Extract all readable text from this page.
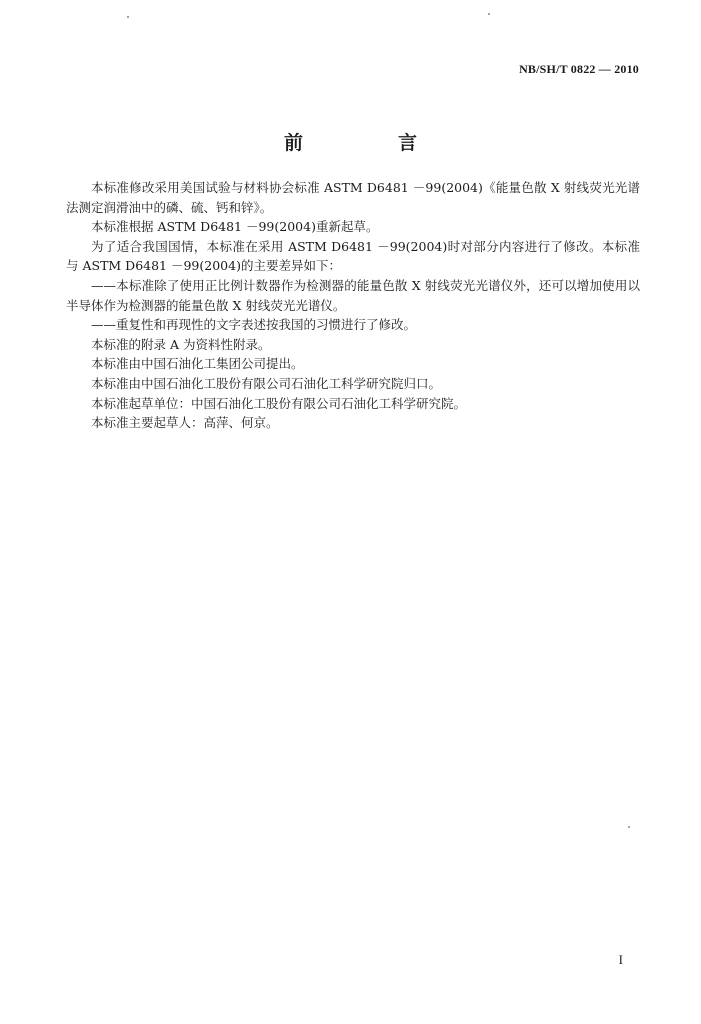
NB/SH/T 0822 — 2010
前　言

本标准修改采用美国试验与材料协会标准 ASTM D6481 －99(2004)《能量色散 X 射线荧光光谱法测定润滑油中的磷、硫、钙和锌》。

本标准根据 ASTM D6481 －99(2004)重新起草。

为了适合我国国情，本标准在采用 ASTM D6481 －99(2004)时对部分内容进行了修改。本标准与 ASTM D6481 －99(2004)的主要差异如下：

——本标准除了使用正比例计数器作为检测器的能量色散 X 射线荧光光谱仪外，还可以增加使用以半导体作为检测器的能量色散 X 射线荧光光谱仪。

——重复性和再现性的文字表述按我国的习惯进行了修改。

本标准的附录 A 为资料性附录。

本标准由中国石油化工集团公司提出。

本标准由中国石油化工股份有限公司石油化工科学研究院归口。

本标准起草单位：中国石油化工股份有限公司石油化工科学研究院。

本标准主要起草人：高萍、何京。

I
